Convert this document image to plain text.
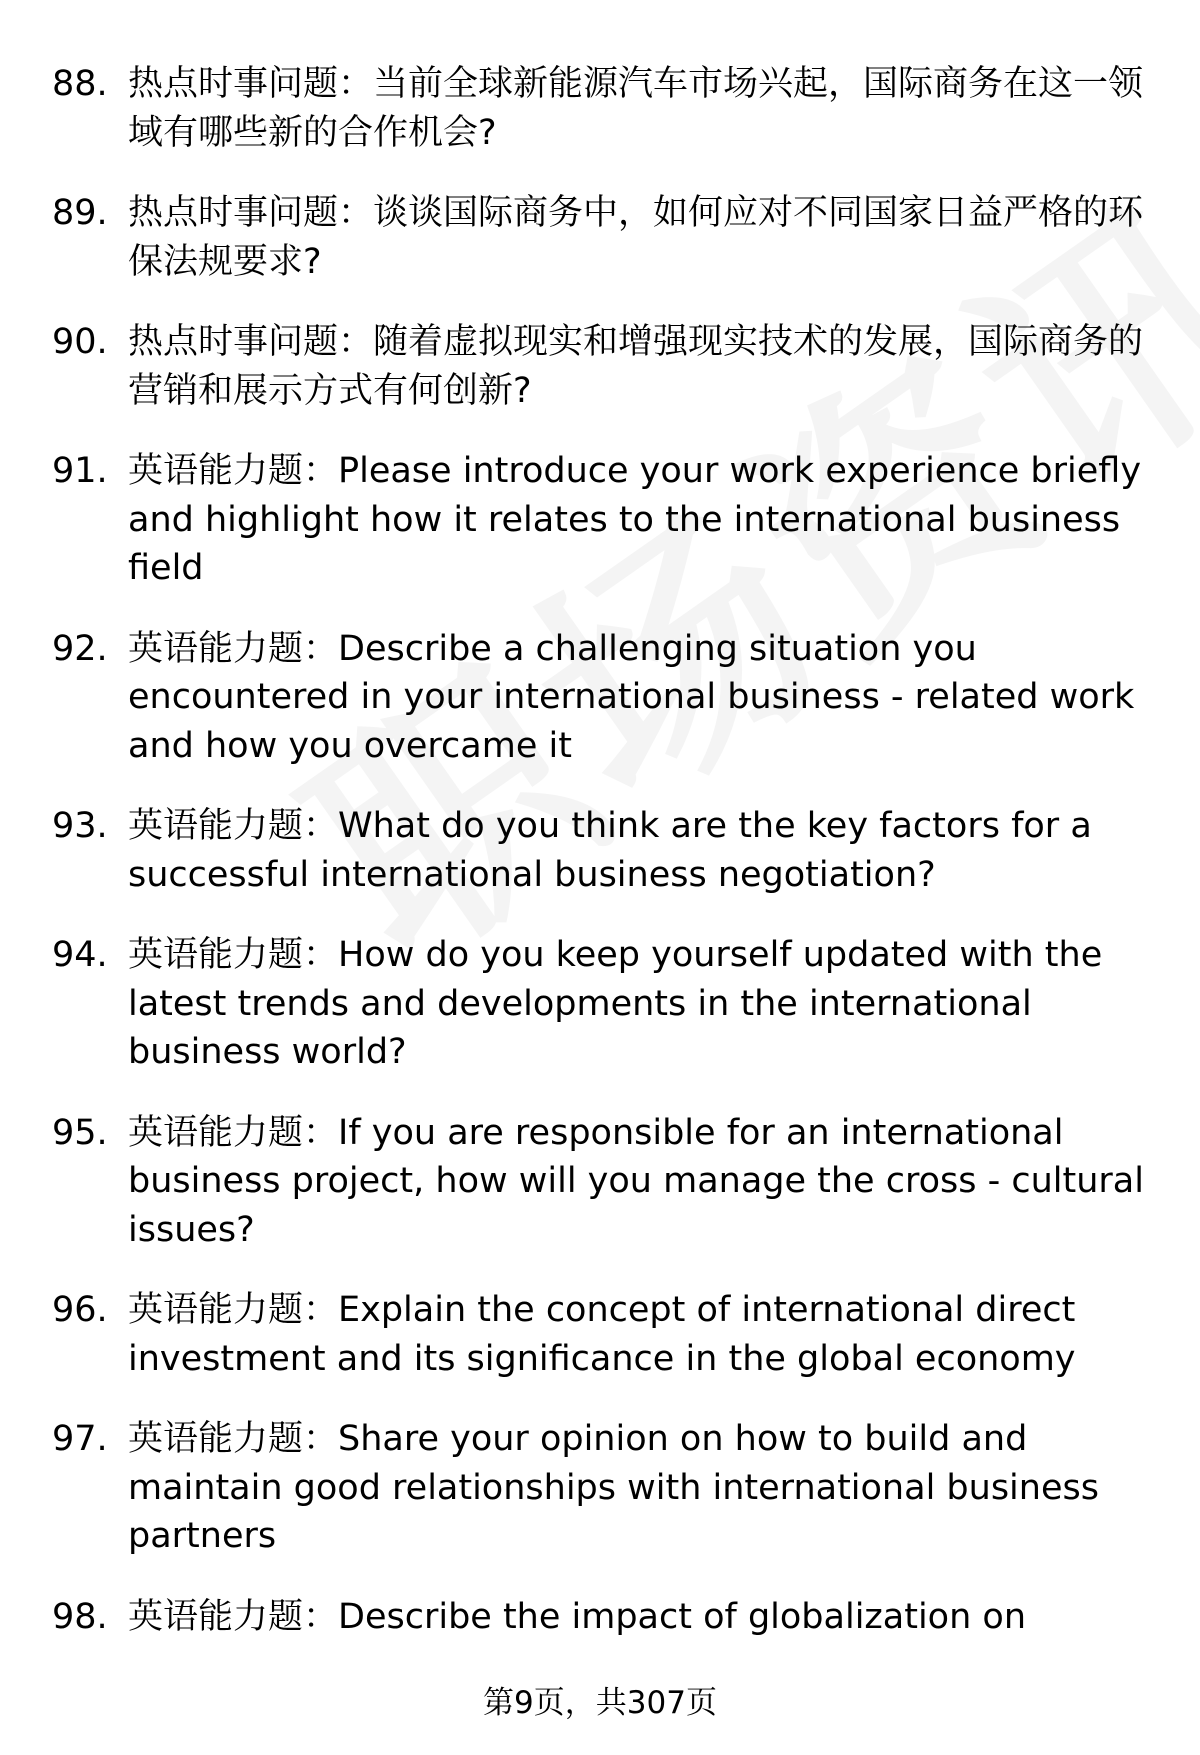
88. 热点时事问题：当前全球新能源汽车市场兴起，国际商务在这一领域有哪些新的合作机会?
89. 热点时事问题：谈谈国际商务中，如何应对不同国家日益严格的环保法规要求?
90. 热点时事问题：随着虚拟现实和增强现实技术的发展，国际商务的营销和展示方式有何创新?
91. 英语能力题：Please introduce your work experience briefly and highlight how it relates to the international business field
92. 英语能力题：Describe a challenging situation you encountered in your international business - related work and how you overcame it
93. 英语能力题：What do you think are the key factors for a successful international business negotiation?
94. 英语能力题：How do you keep yourself updated with the latest trends and developments in the international business world?
95. 英语能力题：If you are responsible for an international business project, how will you manage the cross - cultural issues?
96. 英语能力题：Explain the concept of international direct investment and its significance in the global economy
97. 英语能力题：Share your opinion on how to build and maintain good relationships with international business partners
98. 英语能力题：Describe the impact of globalization on
第9页，共307页
